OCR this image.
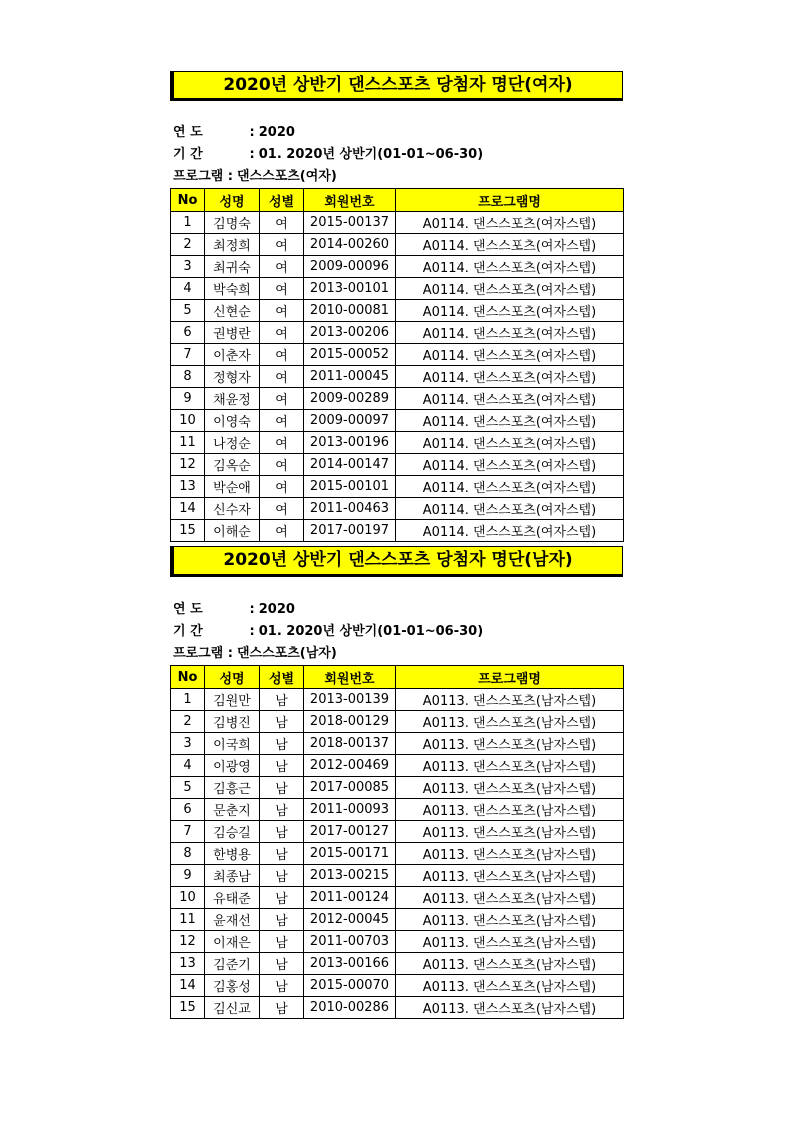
2020년 상반기 댄스스포츠 당첨자 명단(여자)
연 도	: 2020
기 간	: 01. 2020년 상반기(01-01~06-30)
프로그램 : 댄스스포츠(여자)
No	성명	성별	회원번호	프로그램명
1	김명숙	여	2015-00137	A0114. 댄스스포츠(여자스텝)
2	최정희	여	2014-00260	A0114. 댄스스포츠(여자스텝)
3	최귀숙	여	2009-00096	A0114. 댄스스포츠(여자스텝)
4	박숙희	여	2013-00101	A0114. 댄스스포츠(여자스텝)
5	신현순	여	2010-00081	A0114. 댄스스포츠(여자스텝)
6	권병란	여	2013-00206	A0114. 댄스스포츠(여자스텝)
7	이춘자	여	2015-00052	A0114. 댄스스포츠(여자스텝)
8	정형자	여	2011-00045	A0114. 댄스스포츠(여자스텝)
9	채윤정	여	2009-00289	A0114. 댄스스포츠(여자스텝)
10	이영숙	여	2009-00097	A0114. 댄스스포츠(여자스텝)
11	나정순	여	2013-00196	A0114. 댄스스포츠(여자스텝)
12	김옥순	여	2014-00147	A0114. 댄스스포츠(여자스텝)
13	박순애	여	2015-00101	A0114. 댄스스포츠(여자스텝)
14	신수자	여	2011-00463	A0114. 댄스스포츠(여자스텝)
15	이해순	여	2017-00197	A0114. 댄스스포츠(여자스텝)
2020년 상반기 댄스스포츠 당첨자 명단(남자)
연 도	: 2020
기 간	: 01. 2020년 상반기(01-01~06-30)
프로그램 : 댄스스포츠(남자)
No	성명	성별	회원번호	프로그램명
1	김원만	남	2013-00139	A0113. 댄스스포츠(남자스텝)
2	김병진	남	2018-00129	A0113. 댄스스포츠(남자스텝)
3	이국희	남	2018-00137	A0113. 댄스스포츠(남자스텝)
4	이광영	남	2012-00469	A0113. 댄스스포츠(남자스텝)
5	김흥근	남	2017-00085	A0113. 댄스스포츠(남자스텝)
6	문춘지	남	2011-00093	A0113. 댄스스포츠(남자스텝)
7	김승길	남	2017-00127	A0113. 댄스스포츠(남자스텝)
8	한병용	남	2015-00171	A0113. 댄스스포츠(남자스텝)
9	최종남	남	2013-00215	A0113. 댄스스포츠(남자스텝)
10	유태준	남	2011-00124	A0113. 댄스스포츠(남자스텝)
11	윤재선	남	2012-00045	A0113. 댄스스포츠(남자스텝)
12	이재은	남	2011-00703	A0113. 댄스스포츠(남자스텝)
13	김준기	남	2013-00166	A0113. 댄스스포츠(남자스텝)
14	김홍성	남	2015-00070	A0113. 댄스스포츠(남자스텝)
15	김신교	남	2010-00286	A0113. 댄스스포츠(남자스텝)
